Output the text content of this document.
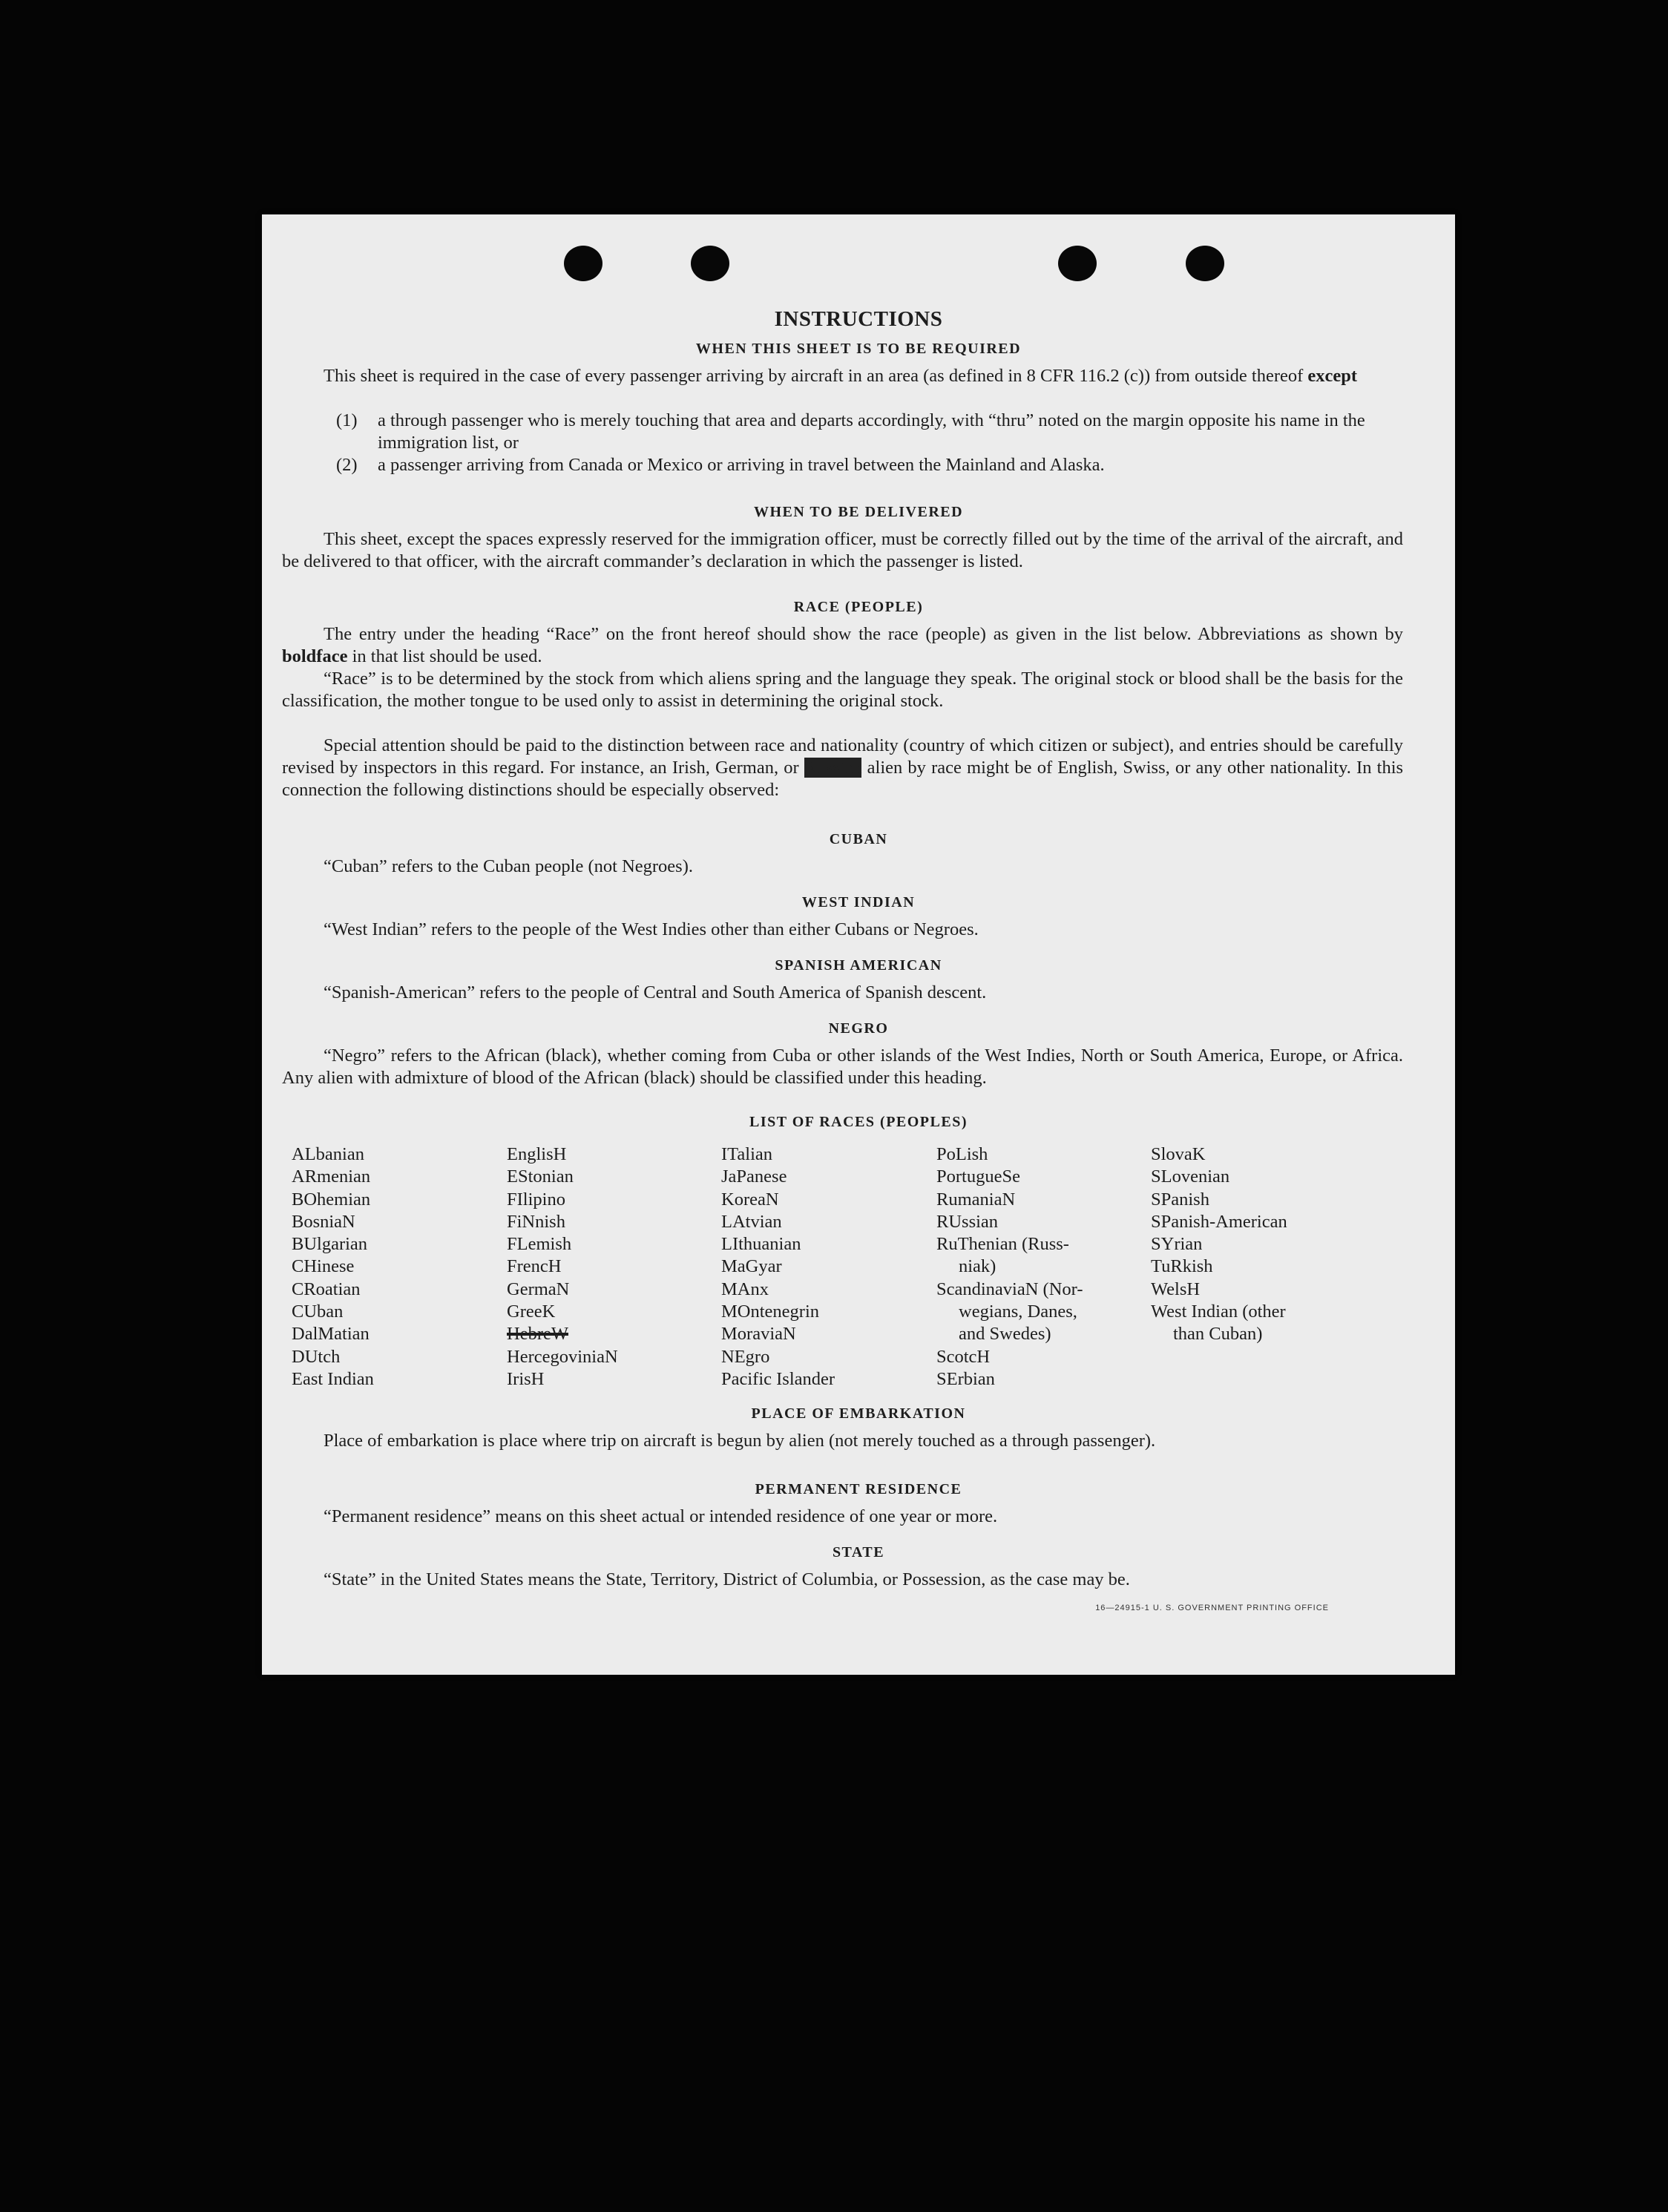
INSTRUCTIONS
WHEN THIS SHEET IS TO BE REQUIRED
This sheet is required in the case of every passenger arriving by aircraft in an area (as defined in 8 CFR 116.2 (c)) from outside thereof except
(1) a through passenger who is merely touching that area and departs accordingly, with “thru” noted on the margin opposite his name in the immigration list, or
(2) a passenger arriving from Canada or Mexico or arriving in travel between the Mainland and Alaska.
WHEN TO BE DELIVERED
This sheet, except the spaces expressly reserved for the immigration officer, must be correctly filled out by the time of the arrival of the aircraft, and be delivered to that officer, with the aircraft commander’s declaration in which the passenger is listed.
RACE (PEOPLE)
The entry under the heading “Race” on the front hereof should show the race (people) as given in the list below. Abbreviations as shown by boldface in that list should be used.
“Race” is to be determined by the stock from which aliens spring and the language they speak. The original stock or blood shall be the basis for the classification, the mother tongue to be used only to assist in determining the original stock.
Special attention should be paid to the distinction between race and nationality (country of which citizen or subject), and entries should be carefully revised by inspectors in this regard. For instance, an Irish, German, or Russian alien by race might be of English, Swiss, or any other nationality. In this connection the following distinctions should be especially observed:
CUBAN
“Cuban” refers to the Cuban people (not Negroes).
WEST INDIAN
“West Indian” refers to the people of the West Indies other than either Cubans or Negroes.
SPANISH AMERICAN
“Spanish-American” refers to the people of Central and South America of Spanish descent.
NEGRO
“Negro” refers to the African (black), whether coming from Cuba or other islands of the West Indies, North or South America, Europe, or Africa. Any alien with admixture of blood of the African (black) should be classified under this heading.
LIST OF RACES (PEOPLES)
ALbanian
ARmenian
BOhemian
BosniaN
BUlgarian
CHinese
CRoatian
CUban
DalMatian
DUtch
East Indian
EnglisH
EStonian
FIlipino
FiNnish
FLemish
FrencH
GermaN
GreeK
HebreW
HercegoviniaN
IrisH
ITalian
JaPanese
KoreaN
LAtvian
LIthuanian
MaGyar
MAnx
MOntenegrin
MoraviaN
NEgro
Pacific Islander
PoLish
PortugueSe
RumaniaN
RUssian
RuThenian (Russ-
niak)
ScandinaviaN (Nor-
wegians, Danes,
and Swedes)
ScotcH
SErbian
SlovaK
SLovenian
SPanish
SPanish-American
SYrian
TuRkish
WelsH
West Indian (other
than Cuban)
PLACE OF EMBARKATION
Place of embarkation is place where trip on aircraft is begun by alien (not merely touched as a through passenger).
PERMANENT RESIDENCE
“Permanent residence” means on this sheet actual or intended residence of one year or more.
STATE
“State” in the United States means the State, Territory, District of Columbia, or Possession, as the case may be.
16—24915-1 U. S. GOVERNMENT PRINTING OFFICE
